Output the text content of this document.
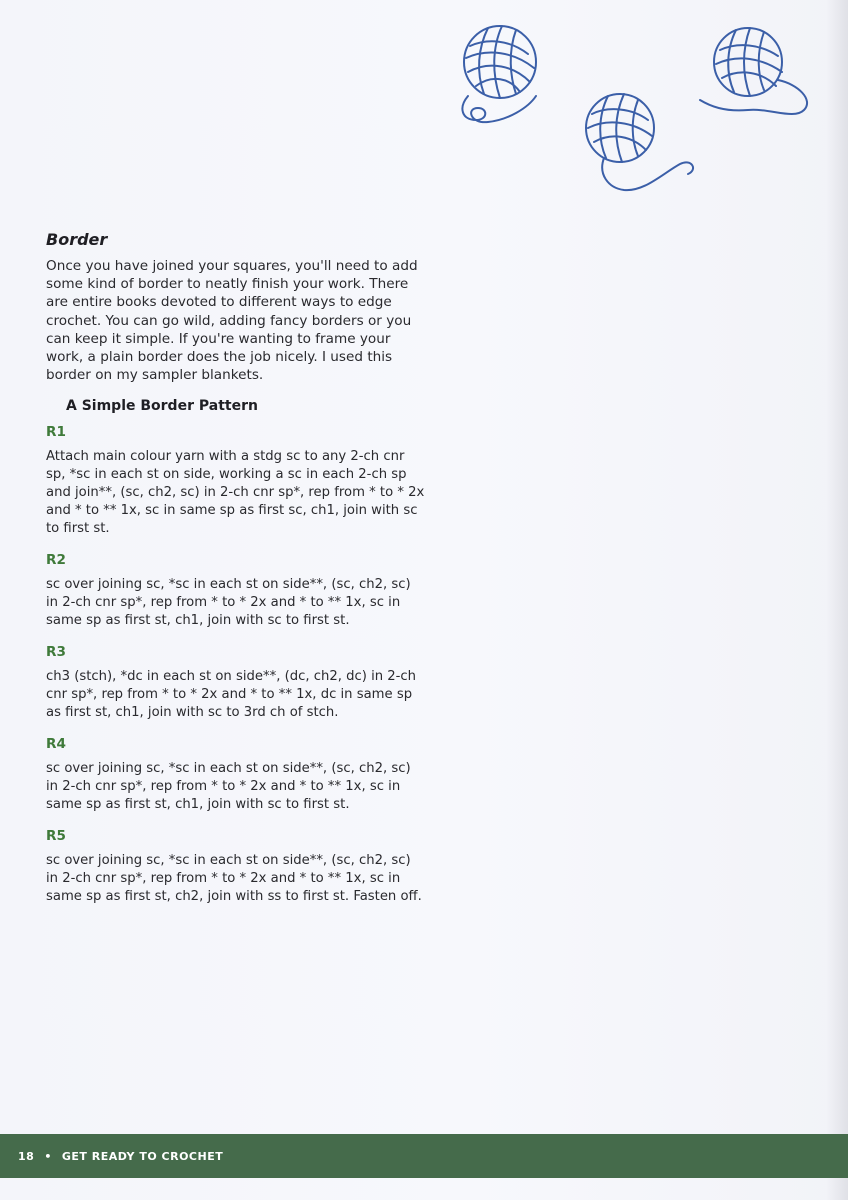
Border

Once you have joined your squares, you'll need to add some kind of border to neatly finish your work. There are entire books devoted to different ways to edge crochet. You can go wild, adding fancy borders or you can keep it simple. If you're wanting to frame your work, a plain border does the job nicely. I used this border on my sampler blankets.

A Simple Border Pattern
R1

Attach main colour yarn with a stdg sc to any 2-ch cnr sp, *sc in each st on side, working a sc in each 2-ch sp and join**, (sc, ch2, sc) in 2-ch cnr sp*, rep from * to * 2x and * to ** 1x, sc in same sp as first sc, ch1, join with sc to first st.

R2

sc over joining sc, *sc in each st on side**, (sc, ch2, sc) in 2-ch cnr sp*, rep from * to * 2x and * to ** 1x, sc in same sp as first st, ch1, join with sc to first st.

R3

ch3 (stch), *dc in each st on side**, (dc, ch2, dc) in 2-ch cnr sp*, rep from * to * 2x and * to ** 1x, dc in same sp as first st, ch1, join with sc to 3rd ch of stch.

R4

sc over joining sc, *sc in each st on side**, (sc, ch2, sc) in 2-ch cnr sp*, rep from * to * 2x and * to ** 1x, sc in same sp as first st, ch1, join with sc to first st.

R5

sc over joining sc, *sc in each st on side**, (sc, ch2, sc) in 2-ch cnr sp*, rep from * to * 2x and * to ** 1x, sc in same sp as first st, ch2, join with ss to first st. Fasten off.

18 • GET READY TO CROCHET
